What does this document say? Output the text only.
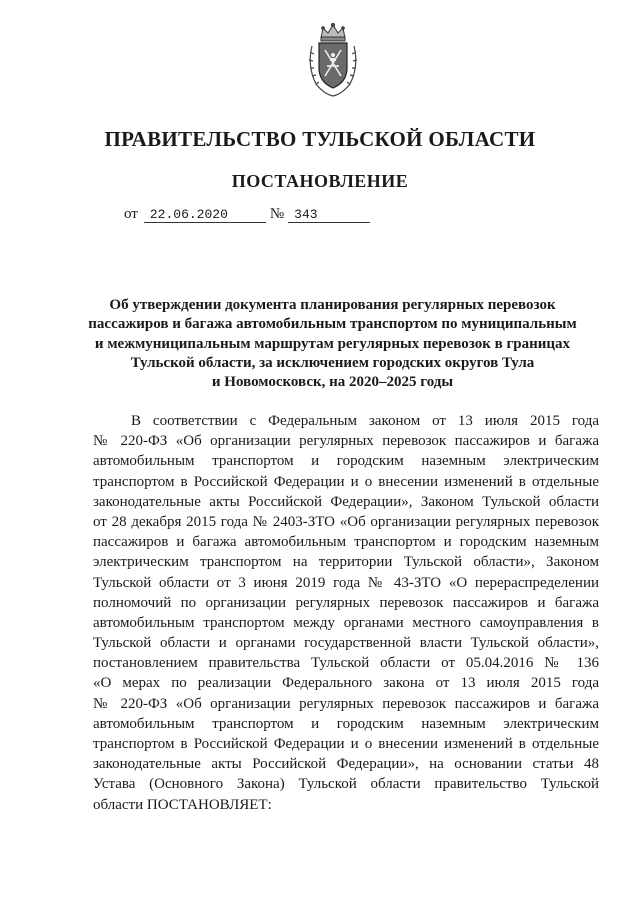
ПРАВИТЕЛЬСТВО ТУЛЬСКОЙ ОБЛАСТИ
ПОСТАНОВЛЕНИЕ
от 22.06.2020	№ 343
Об утверждении документа планирования регулярных перевозок
пассажиров и багажа автомобильным транспортом по муниципальным
и межмуниципальным маршрутам регулярных перевозок в границах
Тульской области, за исключением городских округов Тула
и Новомосковск, на 2020–2025 годы
В соответствии с Федеральным законом от 13 июля 2015 года
№ 220-ФЗ «Об организации регулярных перевозок пассажиров и багажа
автомобильным транспортом и городским наземным электрическим
транспортом в Российской Федерации и о внесении изменений в отдельные
законодательные акты Российской Федерации», Законом Тульской области
от 28 декабря 2015 года № 2403-ЗТО «Об организации регулярных перевозок
пассажиров и багажа автомобильным транспортом и городским наземным
электрическим транспортом на территории Тульской области», Законом
Тульской области от 3 июня 2019 года № 43-ЗТО «О перераспределении
полномочий по организации регулярных перевозок пассажиров и багажа
автомобильным транспортом между органами местного самоуправления в
Тульской области и органами государственной власти Тульской области»,
постановлением правительства Тульской области от 05.04.2016 № 136
«О мерах по реализации Федерального закона от 13 июля 2015 года
№ 220-ФЗ «Об организации регулярных перевозок пассажиров и багажа
автомобильным транспортом и городским наземным электрическим
транспортом в Российской Федерации и о внесении изменений в отдельные
законодательные акты Российской Федерации», на основании статьи 48
Устава (Основного Закона) Тульской области правительство Тульской
области ПОСТАНОВЛЯЕТ:
